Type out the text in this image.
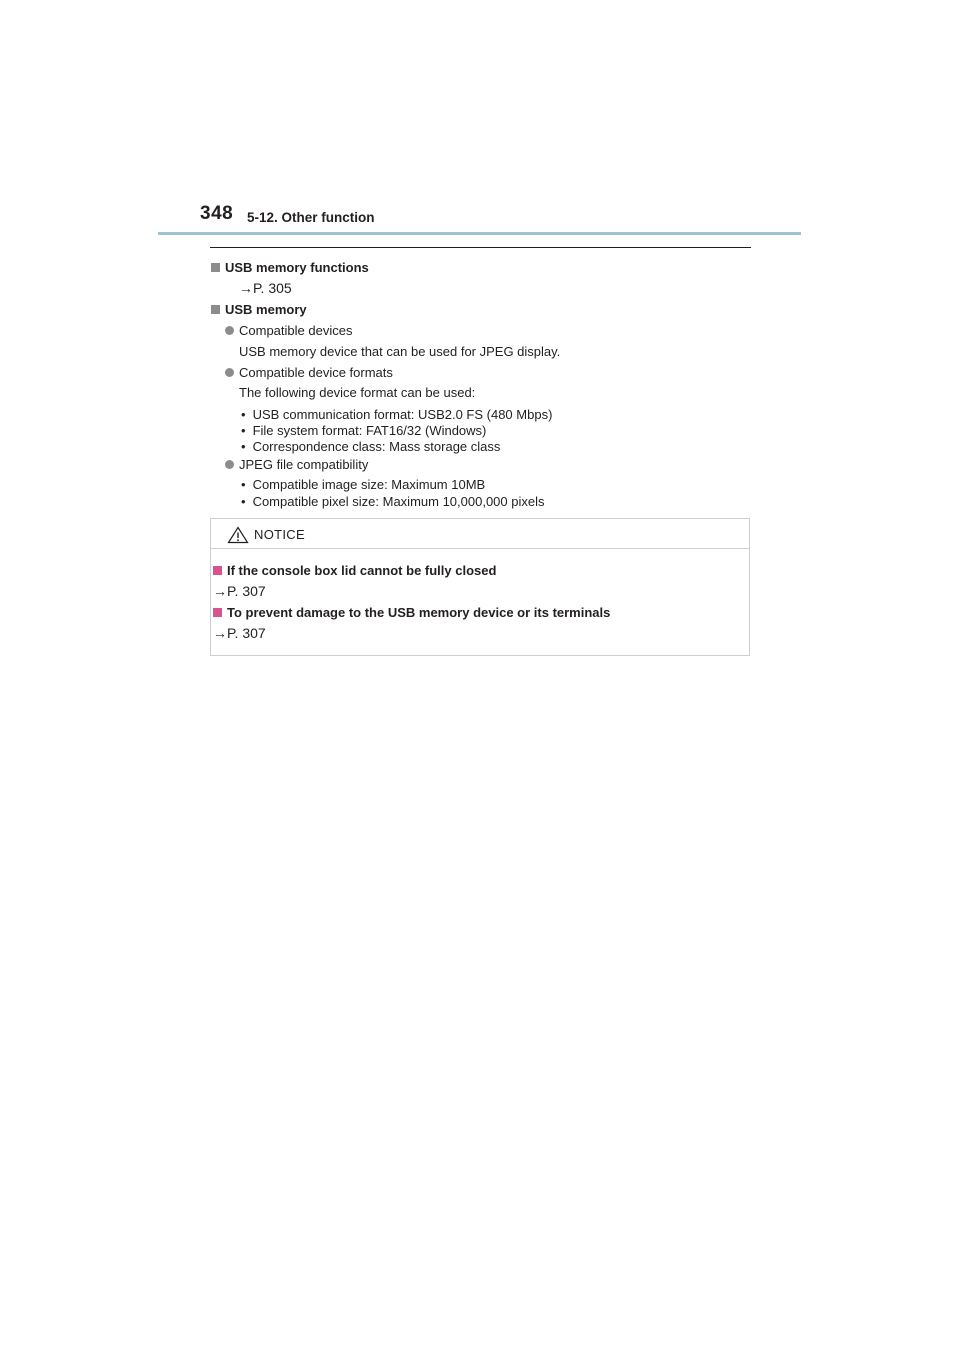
348 5-12. Other function
USB memory functions
→P. 305
USB memory
Compatible devices
USB memory device that can be used for JPEG display.
Compatible device formats
The following device format can be used:
• USB communication format: USB2.0 FS (480 Mbps)
• File system format: FAT16/32 (Windows)
• Correspondence class: Mass storage class
JPEG file compatibility
• Compatible image size: Maximum 10MB
• Compatible pixel size: Maximum 10,000,000 pixels
NOTICE
If the console box lid cannot be fully closed
→P. 307
To prevent damage to the USB memory device or its terminals
→P. 307
